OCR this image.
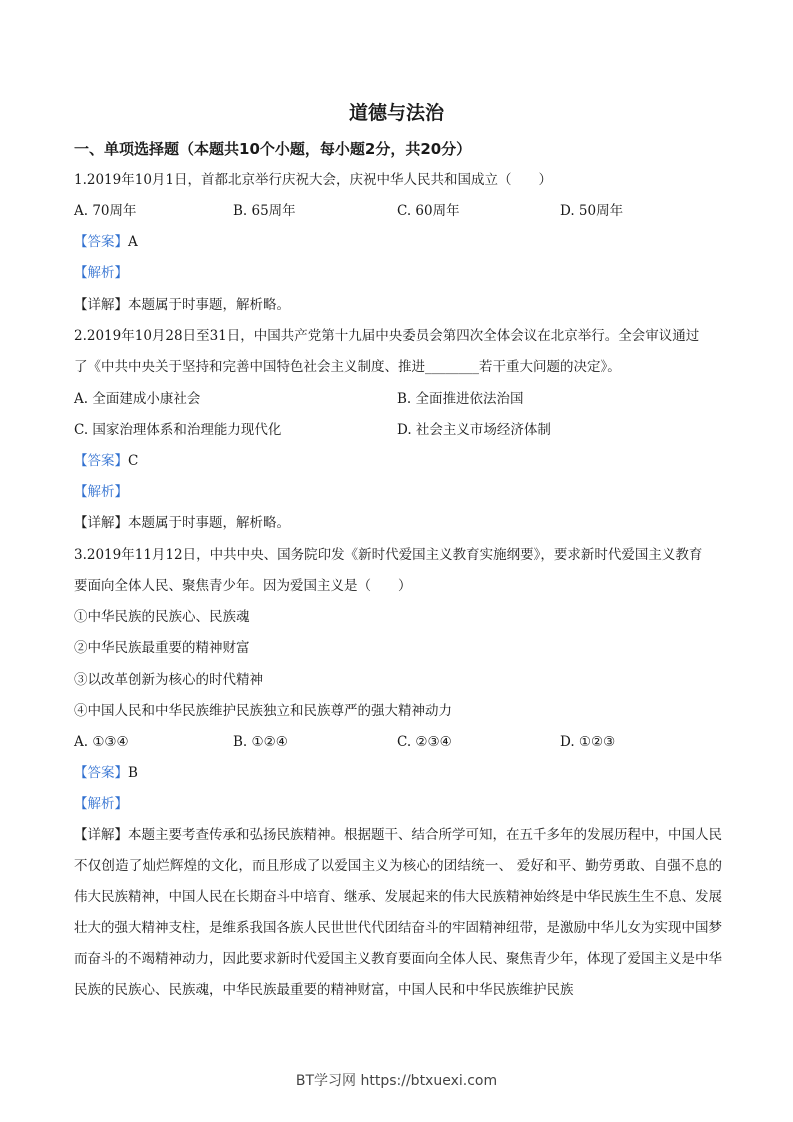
道德与法治
一、单项选择题（本题共10个小题，每小题2分，共20分）
1.2019年10月1日，首都北京举行庆祝大会，庆祝中华人民共和国成立（　　）
A. 70周年	B. 65周年	C. 60周年	D. 50周年
【答案】A
【解析】
【详解】本题属于时事题，解析略。
2.2019年10月28日至31日，中国共产党第十九届中央委员会第四次全体会议在北京举行。全会审议通过
了《中共中央关于坚持和完善中国特色社会主义制度、推进________若干重大问题的决定》。
A. 全面建成小康社会	B. 全面推进依法治国
C. 国家治理体系和治理能力现代化	D. 社会主义市场经济体制
【答案】C
【解析】
【详解】本题属于时事题，解析略。
3.2019年11月12日，中共中央、国务院印发《新时代爱国主义教育实施纲要》，要求新时代爱国主义教育
要面向全体人民、聚焦青少年。因为爱国主义是（　　）
①中华民族的民族心、民族魂
②中华民族最重要的精神财富
③以改革创新为核心的时代精神
④中国人民和中华民族维护民族独立和民族尊严的强大精神动力
A. ①③④	B. ①②④	C. ②③④	D. ①②③
【答案】B
【解析】
【详解】本题主要考查传承和弘扬民族精神。根据题干、结合所学可知，在五千多年的发展历程中，中国人民不仅创造了灿烂辉煌的文化，而且形成了以爱国主义为核心的团结统一、 爱好和平、勤劳勇敢、自强不息的伟大民族精神，中国人民在长期奋斗中培育、继承、发展起来的伟大民族精神始终是中华民族生生不息、发展壮大的强大精神支柱，是维系我国各族人民世世代代团结奋斗的牢固精神纽带，是激励中华儿女为实现中国梦而奋斗的不竭精神动力，因此要求新时代爱国主义教育要面向全体人民、聚焦青少年，体现了爱国主义是中华民族的民族心、民族魂，中华民族最重要的精神财富，中国人民和中华民族维护民族
BT学习网 https://btxuexi.com
